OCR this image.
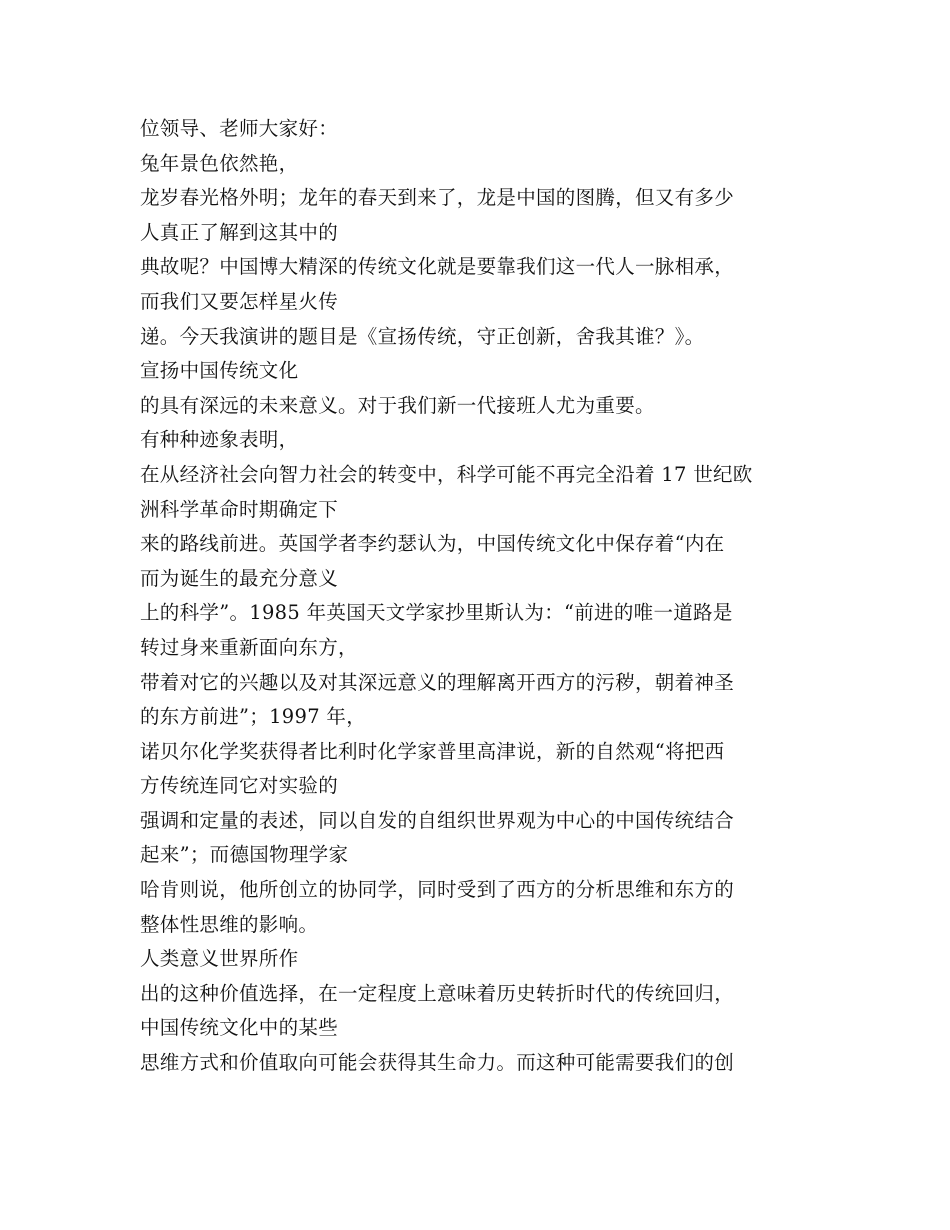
位领导、老师大家好：
兔年景色依然艳，
龙岁春光格外明；龙年的春天到来了，龙是中国的图腾，但又有多少
人真正了解到这其中的
典故呢？中国博大精深的传统文化就是要靠我们这一代人一脉相承，
而我们又要怎样星火传
递。今天我演讲的题目是《宣扬传统，守正创新，舍我其谁？》。
宣扬中国传统文化
的具有深远的未来意义。对于我们新一代接班人尤为重要。
有种种迹象表明，
在从经济社会向智力社会的转变中，科学可能不再完全沿着 17 世纪欧
洲科学革命时期确定下
来的路线前进。英国学者李约瑟认为，中国传统文化中保存着“内在
而为诞生的最充分意义
上的科学”。1985 年英国天文学家抄里斯认为：“前进的唯一道路是
转过身来重新面向东方，
带着对它的兴趣以及对其深远意义的理解离开西方的污秽，朝着神圣
的东方前进”；1997 年，
诺贝尔化学奖获得者比利时化学家普里高津说，新的自然观“将把西
方传统连同它对实验的
强调和定量的表述，同以自发的自组织世界观为中心的中国传统结合
起来”；而德国物理学家
哈肯则说，他所创立的协同学，同时受到了西方的分析思维和东方的
整体性思维的影响。
人类意义世界所作
出的这种价值选择，在一定程度上意味着历史转折时代的传统回归，
中国传统文化中的某些
思维方式和价值取向可能会获得其生命力。而这种可能需要我们的创
